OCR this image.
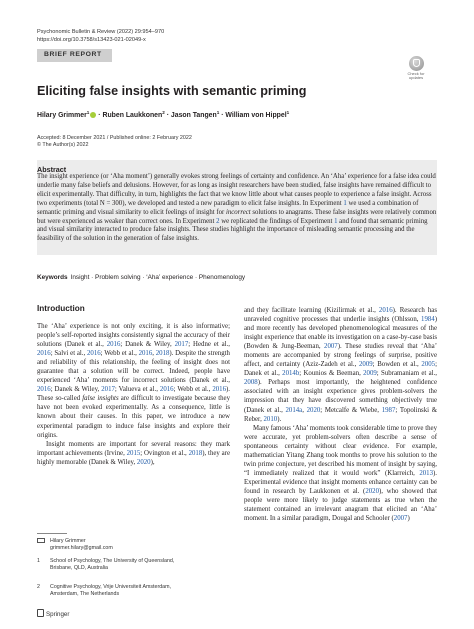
Psychonomic Bulletin & Review (2022) 29:954–970
https://doi.org/10.3758/s13423-021-02049-x
BRIEF REPORT
Check for
updates
Eliciting false insights with semantic priming
Hilary Grimmer$^1$ · Ruben Laukkonen$^2$ · Jason Tangen$^1$ · William von Hippel$^1$
Accepted: 8 December 2021 / Published online: 2 February 2022
© The Author(s) 2022
Abstract
The insight experience (or ‘Aha moment’) generally evokes strong feelings of certainty and confidence. An ‘Aha’ experience for a false idea could underlie many false beliefs and delusions. However, for as long as insight researchers have been studied, false insights have remained difficult to elicit experimentally. That difficulty, in turn, highlights the fact that we know little about what causes people to experience a false insight. Across two experiments (total N = 300), we developed and tested a new paradigm to elicit false insights. In Experiment 1 we used a combination of semantic priming and visual similarity to elicit feelings of insight for incorrect solutions to anagrams. These false insights were relatively common but were experienced as weaker than correct ones. In Experiment 2 we replicated the findings of Experiment 1 and found that semantic priming and visual similarity interacted to produce false insights. These studies highlight the importance of misleading semantic processing and the feasibility of the solution in the generation of false insights.
Keywords Insight · Problem solving · ‘Aha’ experience · Phenomenology
Introduction

The ‘Aha’ experience is not only exciting, it is also informative; people’s self-reported insights consistently signal the accuracy of their solutions (Danek et al., 2016; Danek & Wiley, 2017; Hedne et al., 2016; Salvi et al., 2016; Webb et al., 2016, 2018). Despite the strength and reliability of this relationship, the feeling of insight does not guarantee that a solution will be correct. Indeed, people have experienced ‘Aha’ moments for incorrect solutions (Danek et al., 2016; Danek & Wiley, 2017; Valueva et al., 2016; Webb et al., 2016). These so-called false insights are difficult to investigate because they have not been evoked experimentally. As a consequence, little is known about their causes. In this paper, we introduce a new experimental paradigm to induce false insights and explore their origins.

Insight moments are important for several reasons: they mark important achievements (Irvine, 2015; Ovington et al., 2018), they are highly memorable (Danek & Wiley, 2020),

and they facilitate learning (Kizilirmak et al., 2016). Research has unraveled cognitive processes that underlie insights (Ohlsson, 1984) and more recently has developed phenomenological measures of the insight experience that enable its investigation on a case-by-case basis (Bowden & Jung-Beeman, 2007). These studies reveal that ‘Aha’ moments are accompanied by strong feelings of surprise, positive affect, and certainty (Aziz-Zadeh et al., 2009; Bowden et al., 2005; Danek et al., 2014b; Kounios & Beeman, 2009; Subramaniam et al., 2008). Perhaps most importantly, the heightened confidence associated with an insight experience gives problem-solvers the impression that they have discovered something objectively true (Danek et al., 2014a, 2020; Metcalfe & Wiebe, 1987; Topolinski & Reber, 2010).

Many famous ‘Aha’ moments took considerable time to prove they were accurate, yet problem-solvers often describe a sense of spontaneous certainty without clear evidence. For example, mathematician Yitang Zhang took months to prove his solution to the twin prime conjecture, yet described his moment of insight by saying, “I immediately realized that it would work” (Klarreich, 2013). Experimental evidence that insight moments enhance certainty can be found in research by Laukkonen et al. (2020), who showed that people were more likely to judge statements as true when the statement contained an irrelevant anagram that elicited an ‘Aha’ moment. In a similar paradigm, Dougal and Schooler (2007)

Hilary Grimmer
grimmer.hilary@gmail.com
1 School of Psychology, The University of Queensland,
Brisbane, QLD, Australia
2 Cognitive Psychology, Vrije Universiteit Amsterdam,
Amsterdam, The Netherlands
Springer
